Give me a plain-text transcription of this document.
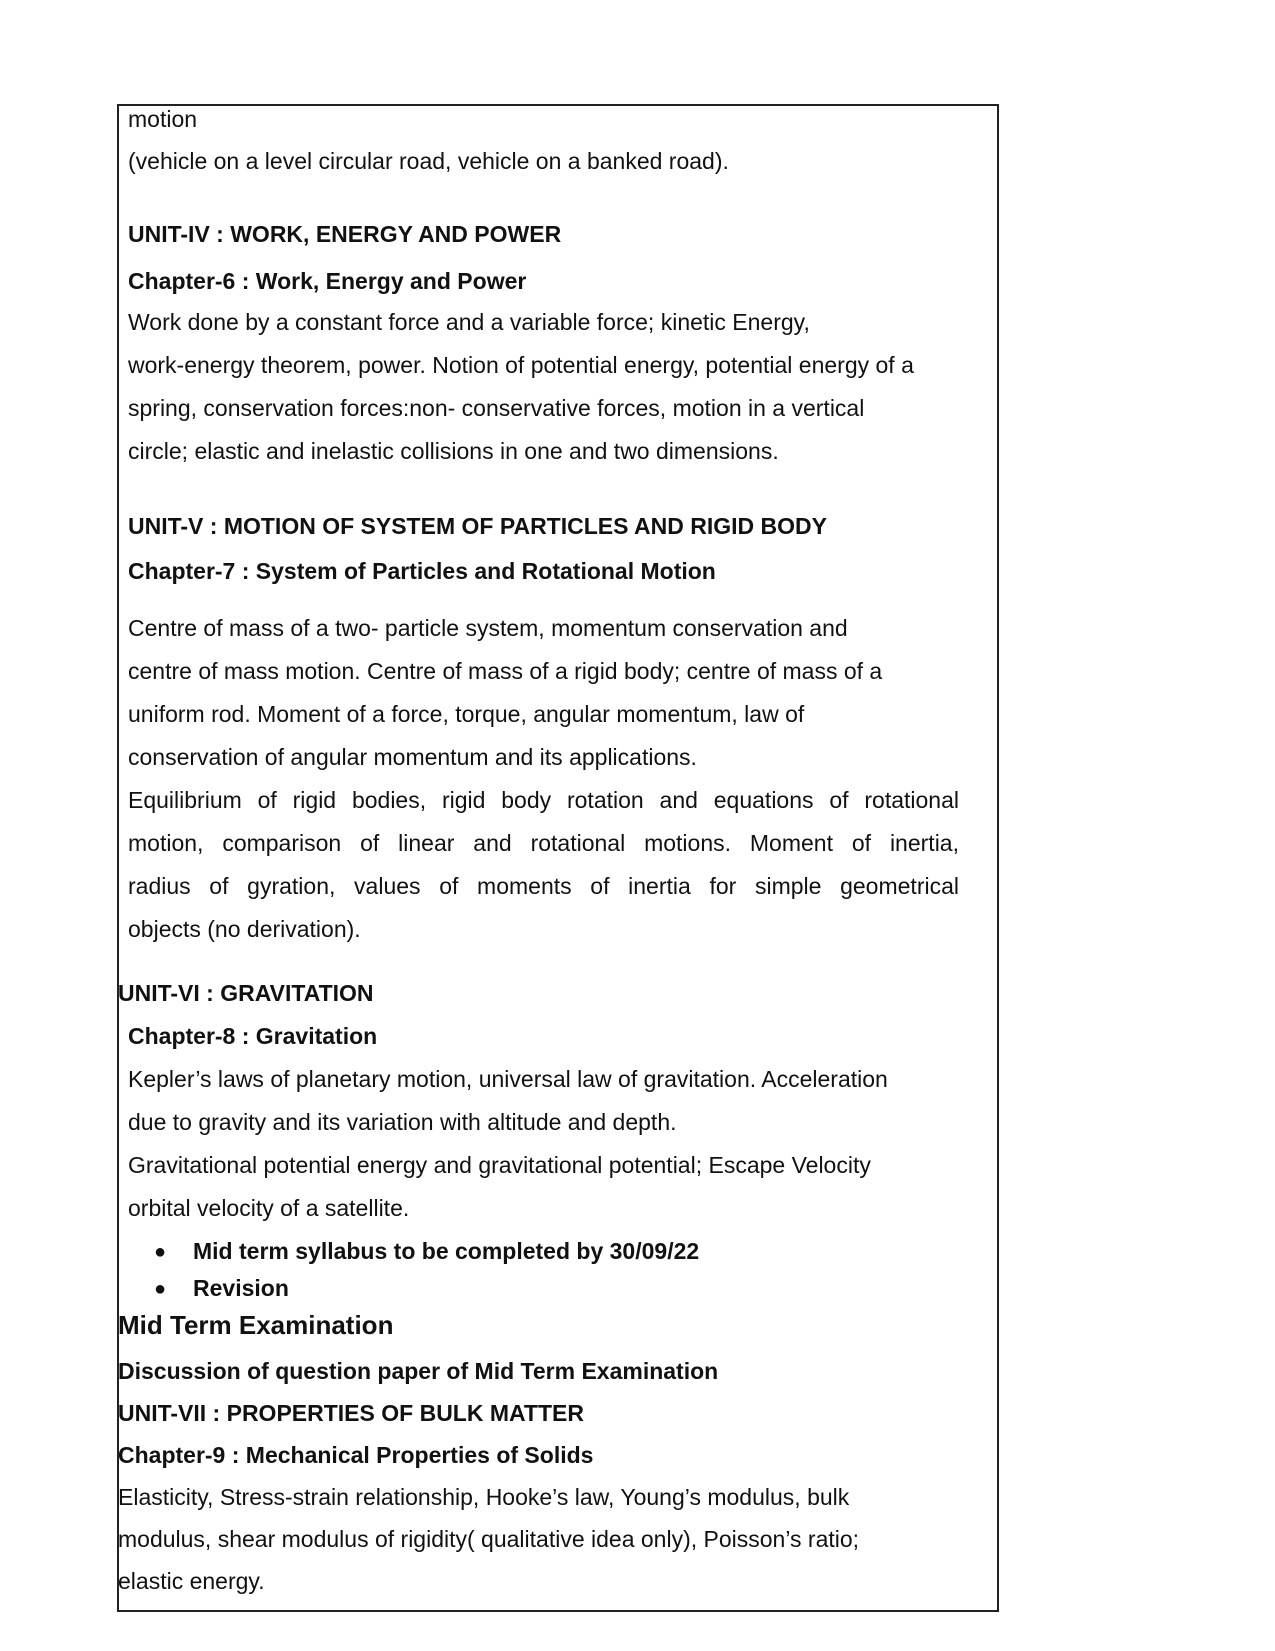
motion

(vehicle on a level circular road, vehicle on a banked road).

UNIT-IV : WORK, ENERGY AND POWER

Chapter-6 : Work, Energy and Power

Work done by a constant force and a variable force; kinetic Energy,

work-energy theorem, power. Notion of potential energy, potential energy of a

spring, conservation forces:non- conservative forces, motion in a vertical

circle; elastic and inelastic collisions in one and two dimensions.

UNIT-V : MOTION OF SYSTEM OF PARTICLES AND RIGID BODY

Chapter-7 : System of Particles and Rotational Motion

Centre of mass of a two- particle system, momentum conservation and

centre of mass motion. Centre of mass of a rigid body; centre of mass of a

uniform rod. Moment of a force, torque, angular momentum, law of

conservation of angular momentum and its applications.

Equilibrium of rigid bodies, rigid body rotation and equations of rotational

motion, comparison of linear and rotational motions. Moment of inertia,

radius of gyration, values of moments of inertia for simple geometrical

objects (no derivation).

UNIT-VI : GRAVITATION

Chapter-8 : Gravitation

Kepler’s laws of planetary motion, universal law of gravitation. Acceleration

due to gravity and its variation with altitude and depth.

Gravitational potential energy and gravitational potential; Escape Velocity

orbital velocity of a satellite.

● Mid term syllabus to be completed by 30/09/22

● Revision

Mid Term Examination

Discussion of question paper of Mid Term Examination

UNIT-VII : PROPERTIES OF BULK MATTER

Chapter-9 : Mechanical Properties of Solids

Elasticity, Stress-strain relationship, Hooke’s law, Young’s modulus, bulk

modulus, shear modulus of rigidity( qualitative idea only), Poisson’s ratio;

elastic energy.
